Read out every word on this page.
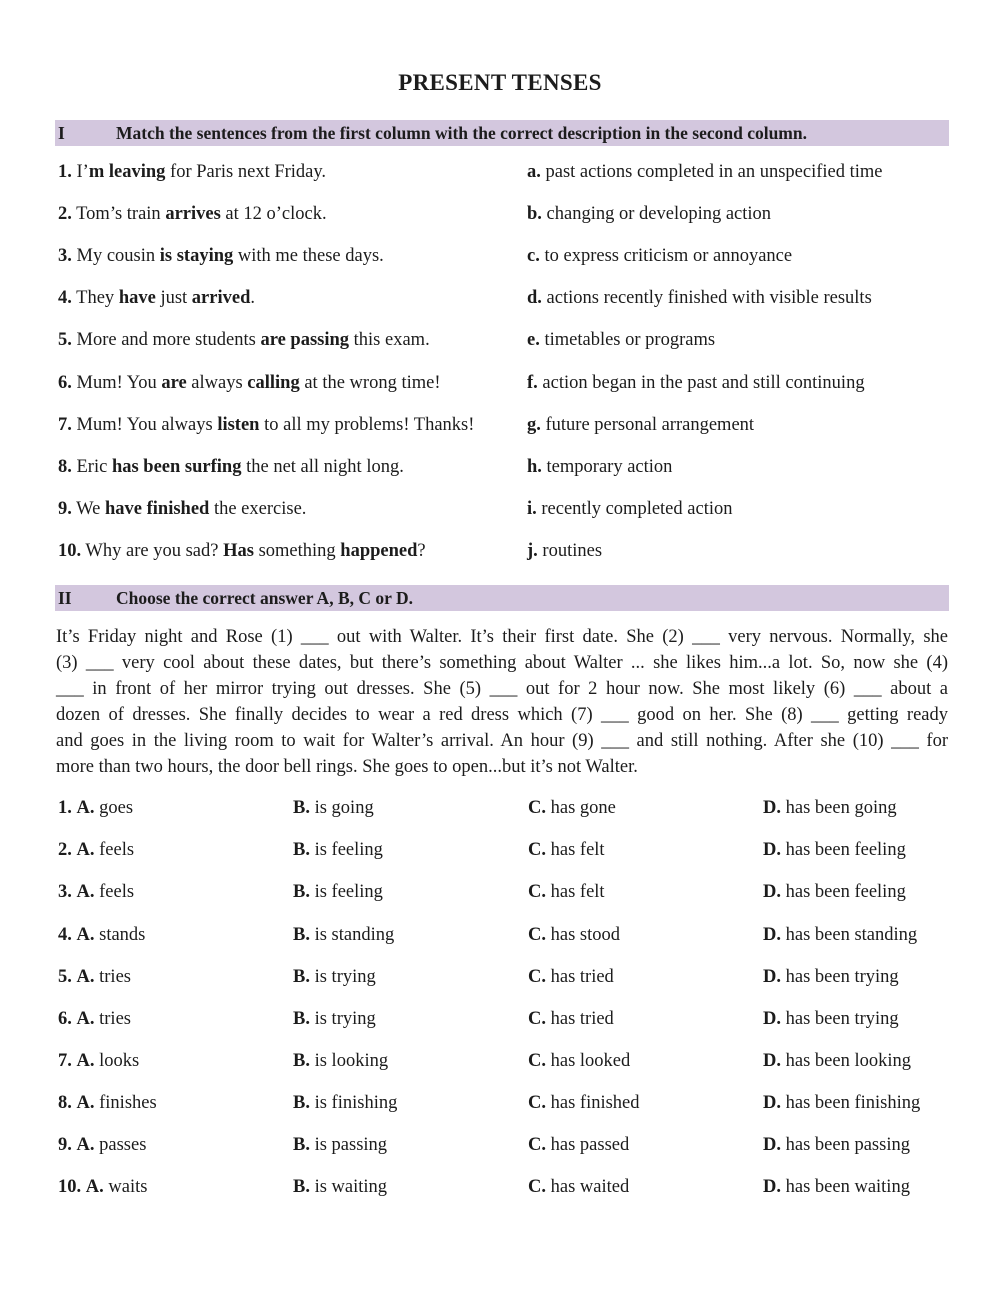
PRESENT TENSES
I	Match the sentences from the first column with the correct description in the second column.
1. I’m leaving for Paris next Friday.	a. past actions completed in an unspecified time
2. Tom’s train arrives at 12 o’clock.	b. changing or developing action
3. My cousin is staying with me these days.	c. to express criticism or annoyance
4. They have just arrived.	d. actions recently finished with visible results
5. More and more students are passing this exam.	e. timetables or programs
6. Mum! You are always calling at the wrong time!	f. action began in the past and still continuing
7. Mum! You always listen to all my problems! Thanks!	g. future personal arrangement
8. Eric has been surfing the net all night long.	h. temporary action
9. We have finished the exercise.	i. recently completed action
10. Why are you sad? Has something happened?	j. routines
II	Choose the correct answer A, B, C or D.
It’s Friday night and Rose (1) ___ out with Walter. It’s their first date. She (2) ___ very nervous. Normally, she
(3) ___ very cool about these dates, but there’s something about Walter ... she likes him...a lot. So, now she (4)
___ in front of her mirror trying out dresses. She (5) ___ out for 2 hour now. She most likely (6) ___ about a
dozen of dresses. She finally decides to wear a red dress which (7) ___ good on her. She (8) ___ getting ready
and goes in the living room to wait for Walter’s arrival. An hour (9) ___ and still nothing. After she (10) ___ for
more than two hours, the door bell rings. She goes to open...but it’s not Walter.
1. A. goes	B. is going	C. has gone	D. has been going
2. A. feels	B. is feeling	C. has felt	D. has been feeling
3. A. feels	B. is feeling	C. has felt	D. has been feeling
4. A. stands	B. is standing	C. has stood	D. has been standing
5. A. tries	B. is trying	C. has tried	D. has been trying
6. A. tries	B. is trying	C. has tried	D. has been trying
7. A. looks	B. is looking	C. has looked	D. has been looking
8. A. finishes	B. is finishing	C. has finished	D. has been finishing
9. A. passes	B. is passing	C. has passed	D. has been passing
10. A. waits	B. is waiting	C. has waited	D. has been waiting
